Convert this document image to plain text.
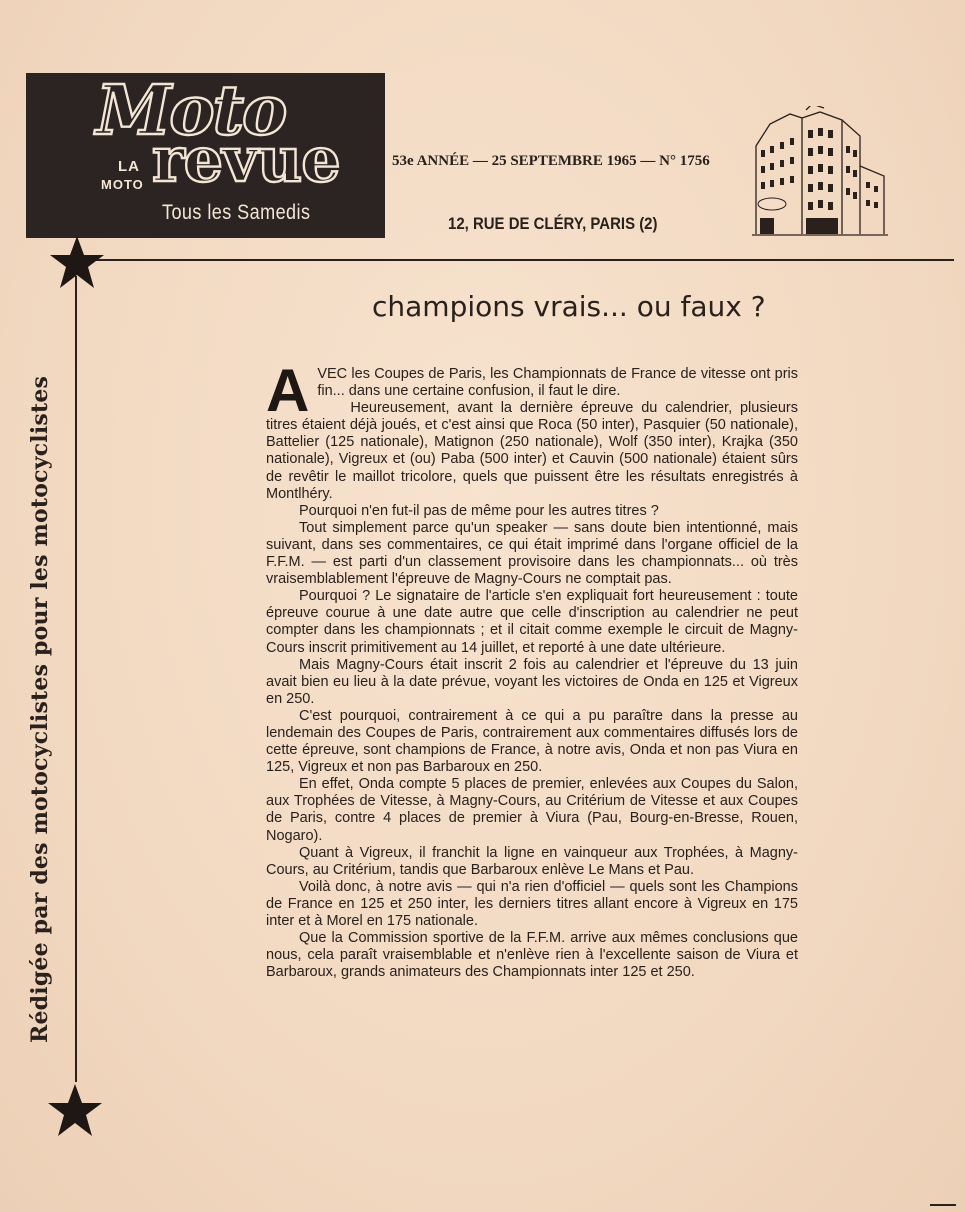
Moto
LA
MOTO revue
Tous les Samedis
53e ANNÉE — 25 SEPTEMBRE 1965 — N° 1756
12, RUE DE CLÉRY, PARIS (2)
Rédigée par des motocyclistes pour les motocyclistes
champions vrais... ou faux ?

AVEC les Coupes de Paris, les Championnats de France de vitesse ont pris fin... dans une certaine confusion, il faut le dire.

Heureusement, avant la dernière épreuve du calendrier, plusieurs titres étaient déjà joués, et c'est ainsi que Roca (50 inter), Pasquier (50 nationale), Battelier (125 nationale), Matignon (250 nationale), Wolf (350 inter), Krajka (350 nationale), Vigreux et (ou) Paba (500 inter) et Cauvin (500 nationale) étaient sûrs de revêtir le maillot tricolore, quels que puissent être les résultats enregistrés à Montlhéry.

Pourquoi n'en fut-il pas de même pour les autres titres ?

Tout simplement parce qu'un speaker — sans doute bien intentionné, mais suivant, dans ses commentaires, ce qui était imprimé dans l'organe officiel de la F.F.M. — est parti d'un classement provisoire dans les championnats... où très vraisemblablement l'épreuve de Magny-Cours ne comptait pas.

Pourquoi ? Le signataire de l'article s'en expliquait fort heureusement : toute épreuve courue à une date autre que celle d'inscription au calendrier ne peut compter dans les championnats ; et il citait comme exemple le circuit de Magny-Cours inscrit primitivement au 14 juillet, et reporté à une date ultérieure.

Mais Magny-Cours était inscrit 2 fois au calendrier et l'épreuve du 13 juin avait bien eu lieu à la date prévue, voyant les victoires de Onda en 125 et Vigreux en 250.

C'est pourquoi, contrairement à ce qui a pu paraître dans la presse au lendemain des Coupes de Paris, contrairement aux commentaires diffusés lors de cette épreuve, sont champions de France, à notre avis, Onda et non pas Viura en 125, Vigreux et non pas Barbaroux en 250.

En effet, Onda compte 5 places de premier, enlevées aux Coupes du Salon, aux Trophées de Vitesse, à Magny-Cours, au Critérium de Vitesse et aux Coupes de Paris, contre 4 places de premier à Viura (Pau, Bourg-en-Bresse, Rouen, Nogaro).

Quant à Vigreux, il franchit la ligne en vainqueur aux Trophées, à Magny-Cours, au Critérium, tandis que Barbaroux enlève Le Mans et Pau.

Voilà donc, à notre avis — qui n'a rien d'officiel — quels sont les Champions de France en 125 et 250 inter, les derniers titres allant encore à Vigreux en 175 inter et à Morel en 175 nationale.

Que la Commission sportive de la F.F.M. arrive aux mêmes conclusions que nous, cela paraît vraisemblable et n'enlève rien à l'excellente saison de Viura et Barbaroux, grands animateurs des Championnats inter 125 et 250.
